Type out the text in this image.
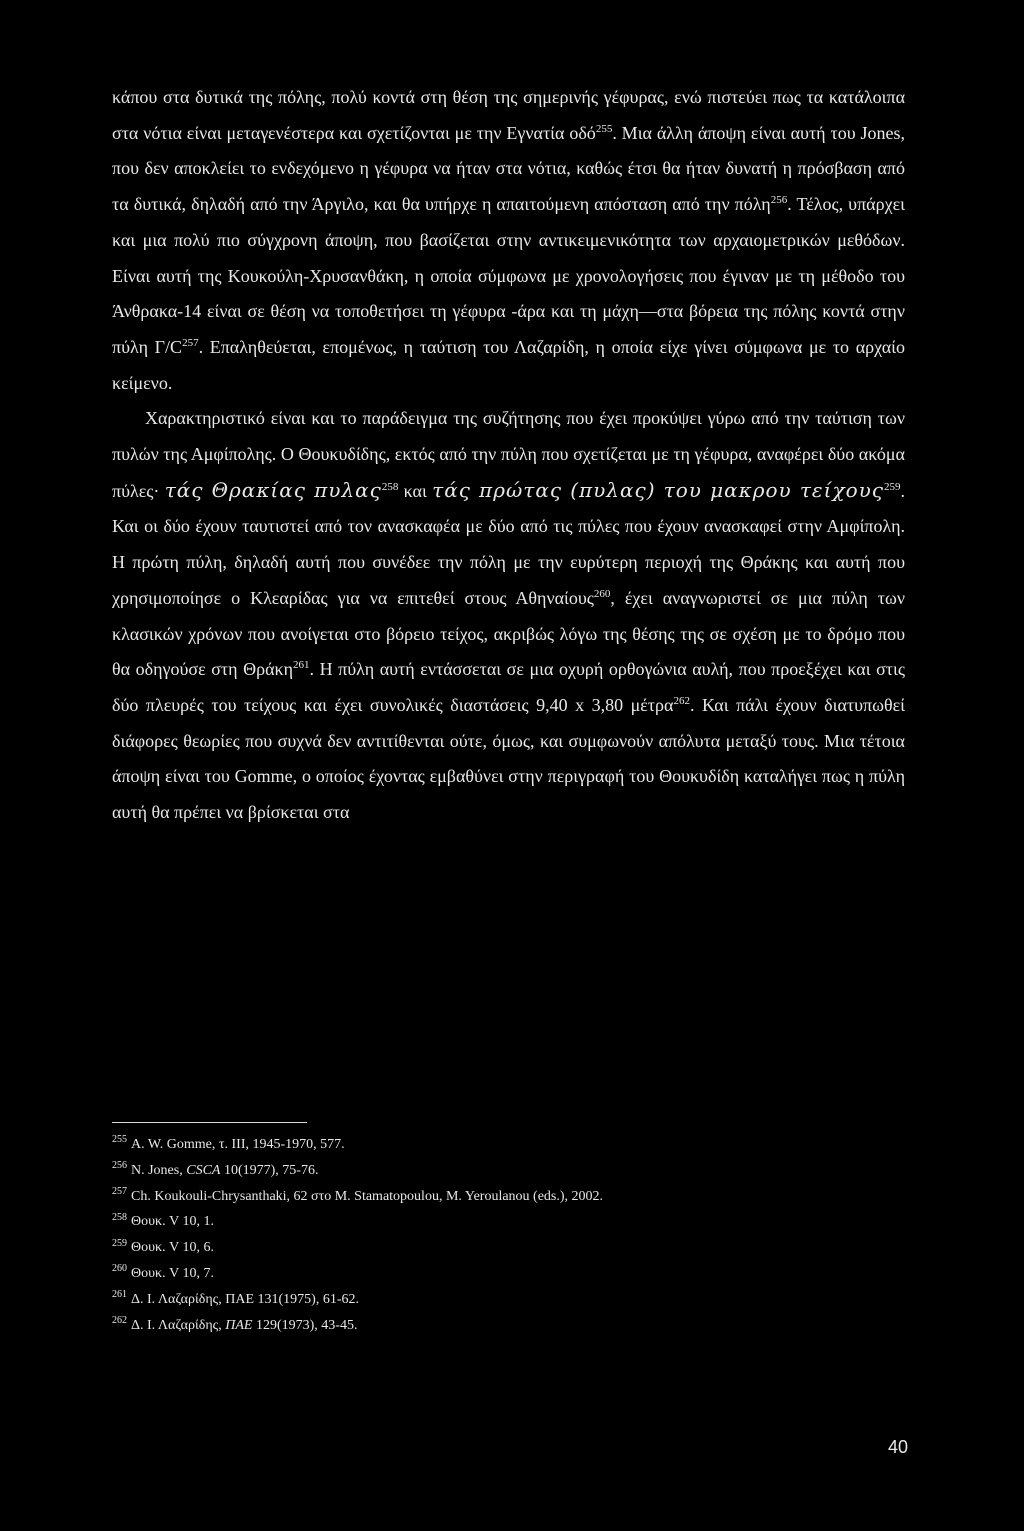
κάπου στα δυτικά της πόλης, πολύ κοντά στη θέση της σημερινής γέφυρας, ενώ πιστεύει πως τα κατάλοιπα στα νότια είναι μεταγενέστερα και σχετίζονται με την Εγνατία οδό$^{255}$. Μια άλλη άποψη είναι αυτή του Jones, που δεν αποκλείει το ενδεχόμενο η γέφυρα να ήταν στα νότια, καθώς έτσι θα ήταν δυνατή η πρόσβαση από τα δυτικά, δηλαδή από την Άργιλο, και θα υπήρχε η απαιτούμενη απόσταση από την πόλη$^{256}$. Τέλος, υπάρχει και μια πολύ πιο σύγχρονη άποψη, που βασίζεται στην αντικειμενικότητα των αρχαιομετρικών μεθόδων. Είναι αυτή της Κουκούλη-Χρυσανθάκη, η οποία σύμφωνα με χρονολογήσεις που έγιναν με τη μέθοδο του Άνθρακα-14 είναι σε θέση να τοποθετήσει τη γέφυρα -άρα και τη μάχη—στα βόρεια της πόλης κοντά στην πύλη $\Gamma/C^{257}$. Επαληθεύεται, επομένως, η ταύτιση του Λαζαρίδη, η οποία είχε γίνει σύμφωνα με το αρχαίο κείμενο.

Χαρακτηριστικό είναι και το παράδειγμα της συζήτησης που έχει προκύψει γύρω από την ταύτιση των πυλών της Αμφίπολης. Ο Θουκυδίδης, εκτός από την πύλη που σχετίζεται με τη γέφυρα, αναφέρει δύο ακόμα πύλες· τάς Θρακίας πυλας$^{258}$ και τάς πρώτας (πυλας) του μακρου τείχους$^{259}$. Και οι δύο έχουν ταυτιστεί από τον ανασκαφέα με δύο από τις πύλες που έχουν ανασκαφεί στην Αμφίπολη. Η πρώτη πύλη, δηλαδή αυτή που συνέδεε την πόλη με την ευρύτερη περιοχή της Θράκης και αυτή που χρησιμοποίησε ο Κλεαρίδας για να επιτεθεί στους Αθηναίους$^{260}$, έχει αναγνωριστεί σε μια πύλη των κλασικών χρόνων που ανοίγεται στο βόρειο τείχος, ακριβώς λόγω της θέσης της σε σχέση με το δρόμο που θα οδηγούσε στη Θράκη$^{261}$. Η πύλη αυτή εντάσσεται σε μια οχυρή ορθογώνια αυλή, που προεξέχει και στις δύο πλευρές του τείχους και έχει συνολικές διαστάσεις 9,40 x 3,80 μέτρα$^{262}$. Και πάλι έχουν διατυπωθεί διάφορες θεωρίες που συχνά δεν αντιτίθενται ούτε, όμως, και συμφωνούν απόλυτα μεταξύ τους. Μια τέτοια άποψη είναι του Gomme, ο οποίος έχοντας εμβαθύνει στην περιγραφή του Θουκυδίδη καταλήγει πως η πύλη αυτή θα πρέπει να βρίσκεται στα

$^{255}$ A. W. Gomme, τ. III, 1945-1970, 577.
$^{256}$ N. Jones, CSCA 10(1977), 75-76.
$^{257}$ Ch. Koukouli-Chrysanthaki, 62 στο M. Stamatopoulou, M. Yeroulanou (eds.), 2002.
$^{258}$ Θουκ. V 10, 1.
$^{259}$ Θουκ. V 10, 6.
$^{260}$ Θουκ. V 10, 7.
$^{261}$ Δ. Ι. Λαζαρίδης, ΠΑΕ 131(1975), 61-62.
$^{262}$ Δ. Ι. Λαζαρίδης, ΠΑΕ 129(1973), 43-45.
40
